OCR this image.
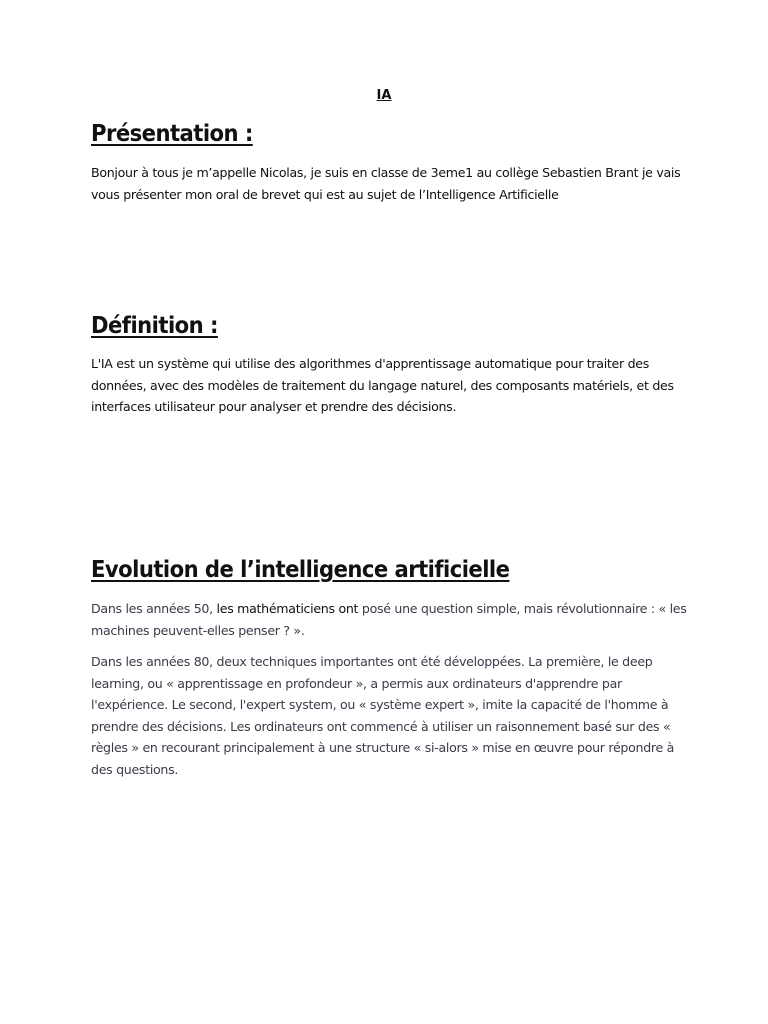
IA
Présentation :

Bonjour à tous je m’appelle Nicolas, je suis en classe de 3eme1 au collège Sebastien Brant je vais
vous présenter mon oral de brevet qui est au sujet de l’Intelligence Artificielle

Définition :

L'IA est un système qui utilise des algorithmes d'apprentissage automatique pour traiter des
données, avec des modèles de traitement du langage naturel, des composants matériels, et des
interfaces utilisateur pour analyser et prendre des décisions.

Evolution de l’intelligence artificielle

Dans les années 50, les mathématiciens ont posé une question simple, mais révolutionnaire : « les
machines peuvent-elles penser ? ».

Dans les années 80, deux techniques importantes ont été développées. La première, le deep
learning, ou « apprentissage en profondeur », a permis aux ordinateurs d'apprendre par
l'expérience. Le second, l'expert system, ou « système expert », imite la capacité de l'homme à
prendre des décisions. Les ordinateurs ont commencé à utiliser un raisonnement basé sur des «
règles » en recourant principalement à une structure « si-alors » mise en œuvre pour répondre à
des questions.
